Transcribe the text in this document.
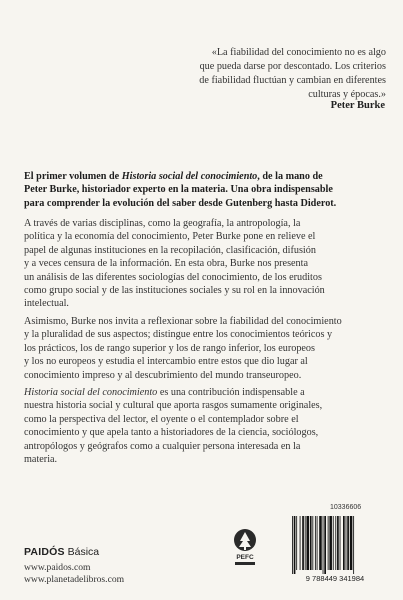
«La fiabilidad del conocimiento no es algo
que pueda darse por descontado. Los criterios
de fiabilidad fluctúan y cambian en diferentes
culturas y épocas.»
Peter Burke
El primer volumen de Historia social del conocimiento, de la mano de
Peter Burke, historiador experto en la materia. Una obra indispensable
para comprender la evolución del saber desde Gutenberg hasta Diderot.
A través de varias disciplinas, como la geografía, la antropología, la
política y la economía del conocimiento, Peter Burke pone en relieve el
papel de algunas instituciones en la recopilación, clasificación, difusión
y a veces censura de la información. En esta obra, Burke nos presenta
un análisis de las diferentes sociologías del conocimiento, de los eruditos
como grupo social y de las instituciones sociales y su rol en la innovación
intelectual.
Asimismo, Burke nos invita a reflexionar sobre la fiabilidad del conocimiento
y la pluralidad de sus aspectos; distingue entre los conocimientos teóricos y
los prácticos, los de rango superior y los de rango inferior, los europeos
y los no europeos y estudia el intercambio entre estos que dio lugar al
conocimiento impreso y al descubrimiento del mundo transeuropeo.
Historia social del conocimiento es una contribución indispensable a
nuestra historia social y cultural que aporta rasgos sumamente originales,
como la perspectiva del lector, el oyente o el contemplador sobre el
conocimiento y que apela tanto a historiadores de la ciencia, sociólogos,
antropólogos y geógrafos como a cualquier persona interesada en la
materia.
PAIDÓS Básica
www.paidos.com
www.planetadelibros.com
PEFC
10336606
9 788449 341984
